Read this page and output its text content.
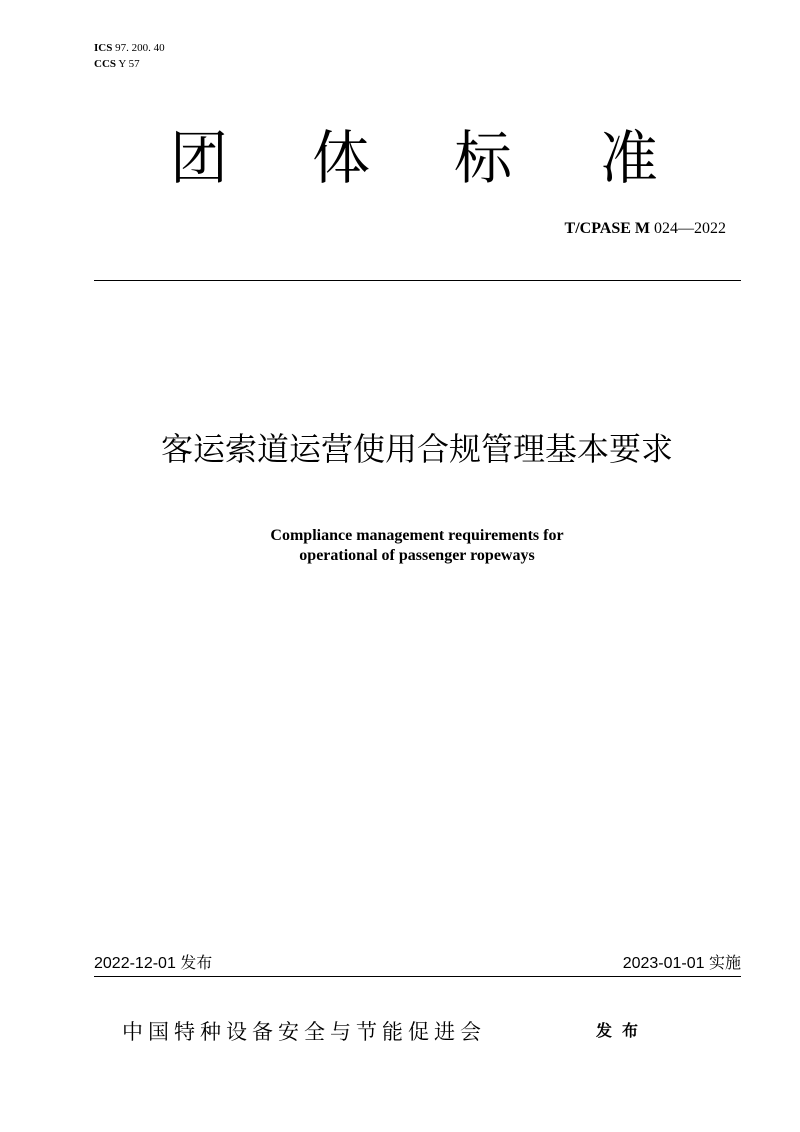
ICS 97. 200. 40
CCS Y 57
团 体 标 准
T/CPASE M 024—2022
客运索道运营使用合规管理基本要求
Compliance management requirements for
operational of passenger ropeways
2022-12-01 发布	2023-01-01 实施
中国特种设备安全与节能促进会	发布
